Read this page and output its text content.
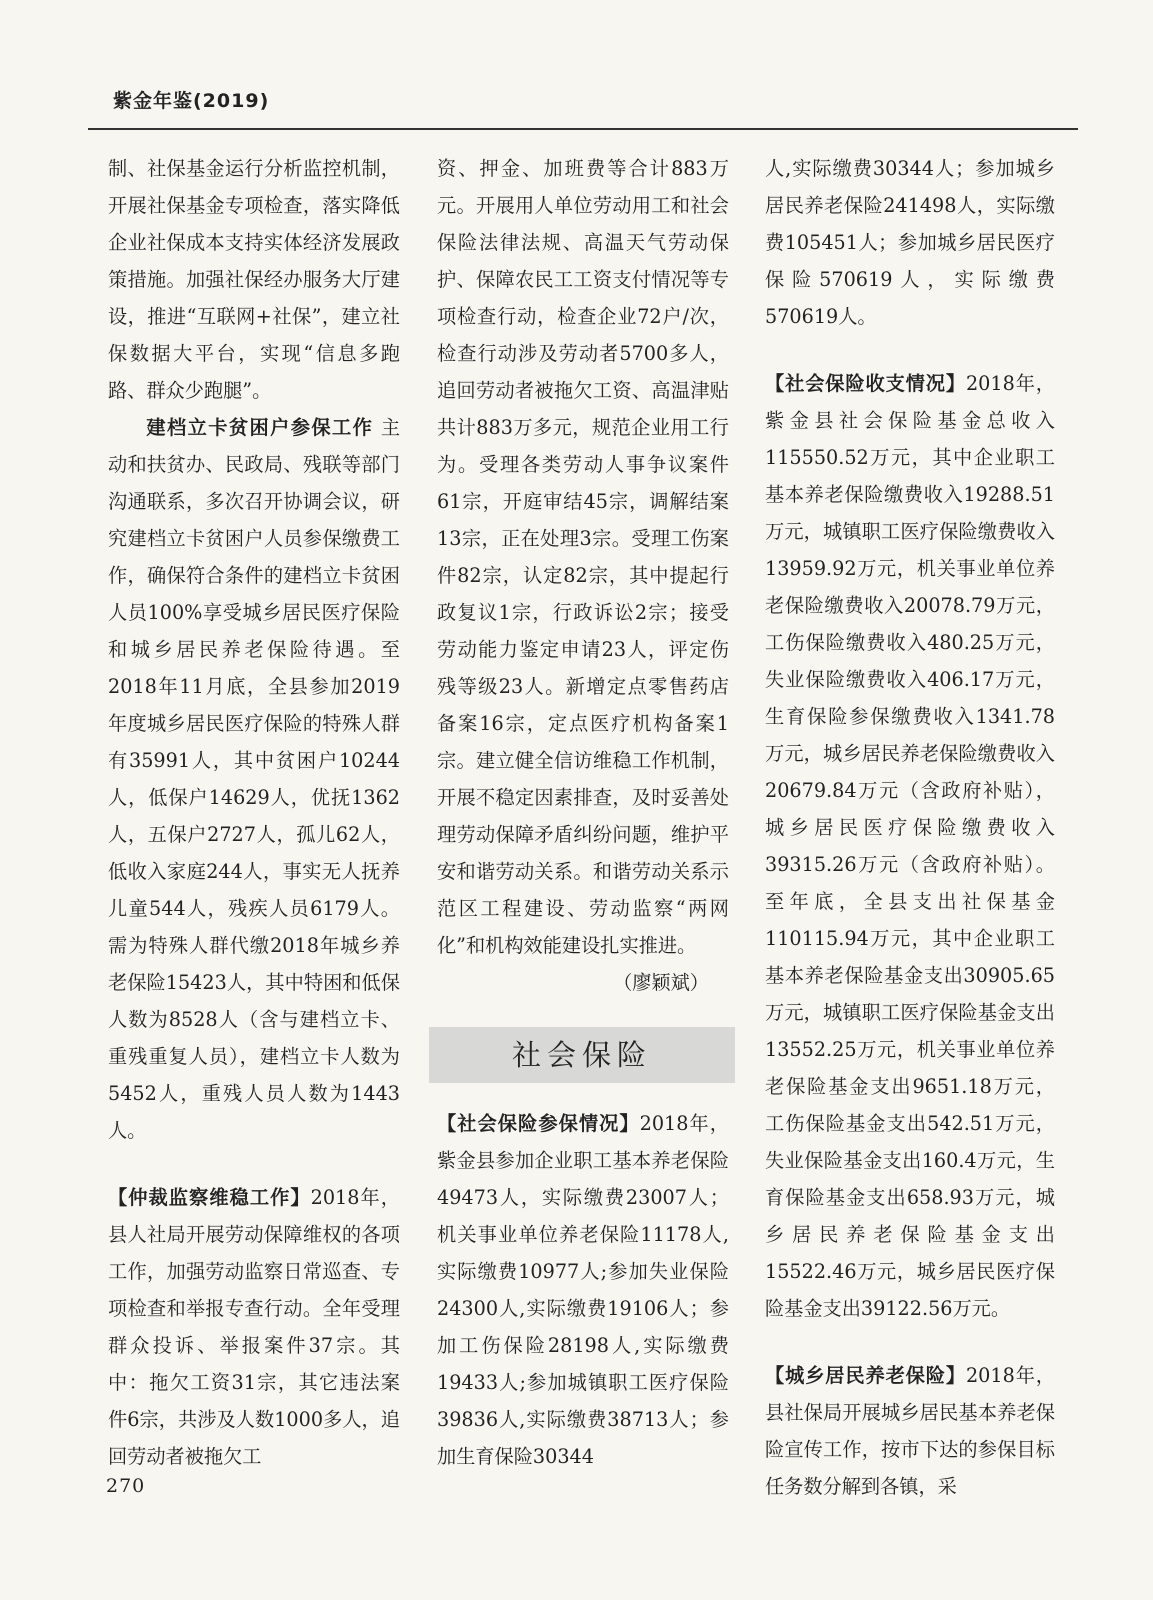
紫金年鉴(2019)

制、社保基金运行分析监控机制，开展社保基金专项检查，落实降低企业社保成本支持实体经济发展政策措施。加强社保经办服务大厅建设，推进“互联网+社保”，建立社保数据大平台，实现“信息多跑路、群众少跑腿”。

建档立卡贫困户参保工作 主动和扶贫办、民政局、残联等部门沟通联系，多次召开协调会议，研究建档立卡贫困户人员参保缴费工作，确保符合条件的建档立卡贫困人员100%享受城乡居民医疗保险和城乡居民养老保险待遇。至2018年11月底，全县参加2019年度城乡居民医疗保险的特殊人群有35991人，其中贫困户10244人，低保户14629人，优抚1362人，五保户2727人，孤儿62人，低收入家庭244人，事实无人抚养儿童544人，残疾人员6179人。需为特殊人群代缴2018年城乡养老保险15423人，其中特困和低保人数为8528人（含与建档立卡、重残重复人员），建档立卡人数为5452人，重残人员人数为1443人。

【仲裁监察维稳工作】2018年，县人社局开展劳动保障维权的各项工作，加强劳动监察日常巡查、专项检查和举报专查行动。全年受理群众投诉、举报案件37宗。其中：拖欠工资31宗，其它违法案件6宗，共涉及人数1000多人，追回劳动者被拖欠工

资、押金、加班费等合计883万元。开展用人单位劳动用工和社会保险法律法规、高温天气劳动保护、保障农民工工资支付情况等专项检查行动，检查企业72户/次，检查行动涉及劳动者5700多人，追回劳动者被拖欠工资、高温津贴共计883万多元，规范企业用工行为。受理各类劳动人事争议案件61宗，开庭审结45宗，调解结案13宗，正在处理3宗。受理工伤案件82宗，认定82宗，其中提起行政复议1宗，行政诉讼2宗；接受劳动能力鉴定申请23人，评定伤残等级23人。新增定点零售药店备案16宗，定点医疗机构备案1宗。建立健全信访维稳工作机制，开展不稳定因素排查，及时妥善处理劳动保障矛盾纠纷问题，维护平安和谐劳动关系。和谐劳动关系示范区工程建设、劳动监察“两网化”和机构效能建设扎实推进。

（廖颖斌）

社会保险

【社会保险参保情况】2018年，紫金县参加企业职工基本养老保险49473人，实际缴费23007人；机关事业单位养老保险11178人,实际缴费10977人;参加失业保险24300人,实际缴费19106人；参加工伤保险28198人,实际缴费19433人;参加城镇职工医疗保险39836人,实际缴费38713人；参加生育保险30344

人,实际缴费30344人；参加城乡居民养老保险241498人，实际缴费105451人；参加城乡居民医疗保险570619人，实际缴费570619人。

【社会保险收支情况】2018年，紫金县社会保险基金总收入115550.52万元，其中企业职工基本养老保险缴费收入19288.51万元，城镇职工医疗保险缴费收入13959.92万元，机关事业单位养老保险缴费收入20078.79万元，工伤保险缴费收入480.25万元，失业保险缴费收入406.17万元，生育保险参保缴费收入1341.78万元，城乡居民养老保险缴费收入20679.84万元（含政府补贴），城乡居民医疗保险缴费收入39315.26万元（含政府补贴）。至年底，全县支出社保基金110115.94万元，其中企业职工基本养老保险基金支出30905.65万元，城镇职工医疗保险基金支出13552.25万元，机关事业单位养老保险基金支出9651.18万元，工伤保险基金支出542.51万元，失业保险基金支出160.4万元，生育保险基金支出658.93万元，城乡居民养老保险基金支出15522.46万元，城乡居民医疗保险基金支出39122.56万元。

【城乡居民养老保险】2018年，县社保局开展城乡居民基本养老保险宣传工作，按市下达的参保目标任务数分解到各镇，采

270
